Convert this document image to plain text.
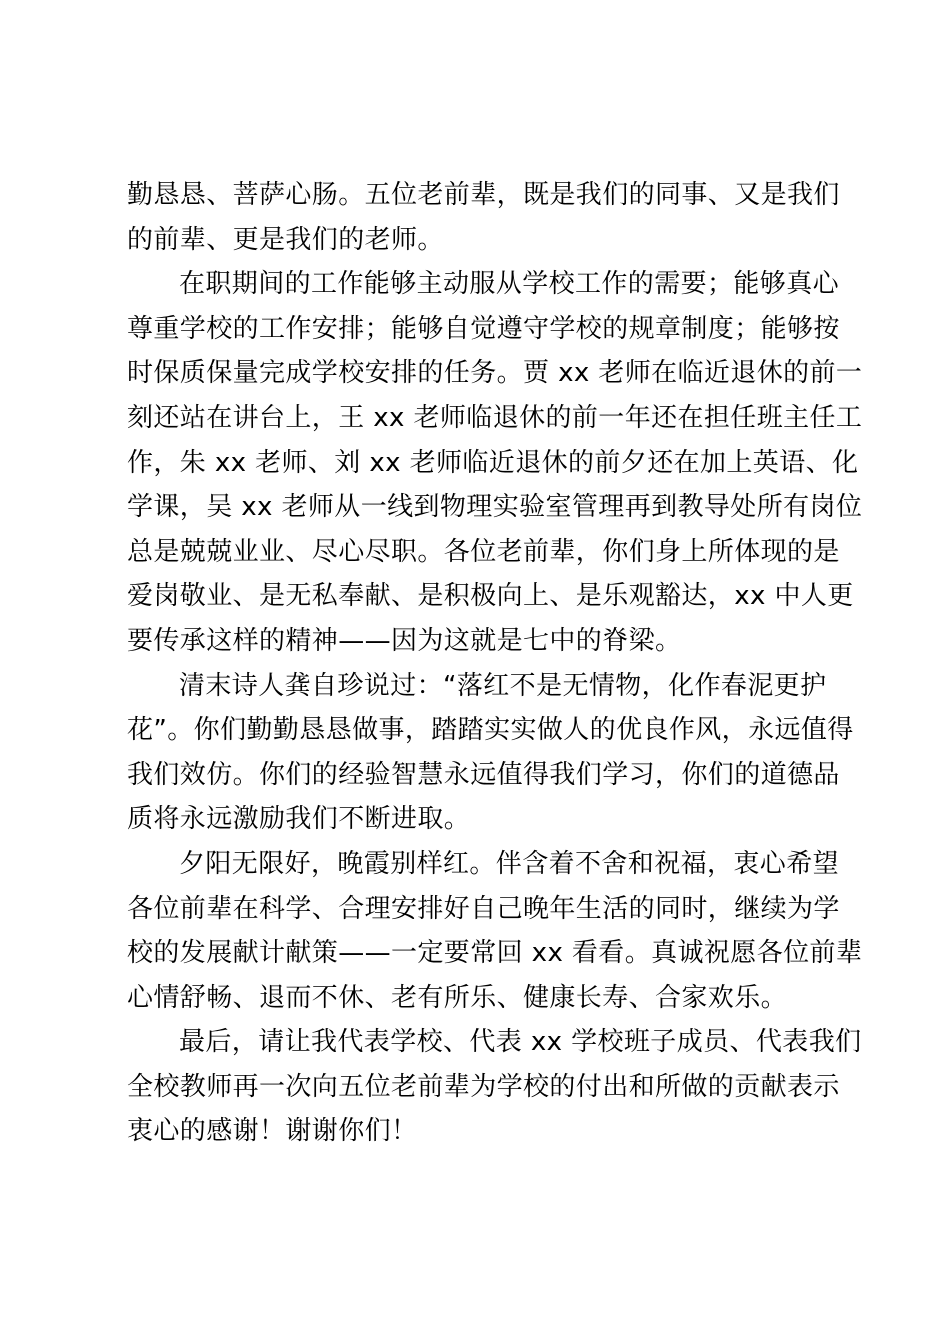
勤恳恳、菩萨心肠。五位老前辈，既是我们的同事、又是我们
的前辈、更是我们的老师。
在职期间的工作能够主动服从学校工作的需要；能够真心
尊重学校的工作安排；能够自觉遵守学校的规章制度；能够按
时保质保量完成学校安排的任务。贾 xx 老师在临近退休的前一
刻还站在讲台上，王 xx 老师临退休的前一年还在担任班主任工
作，朱 xx 老师、刘 xx 老师临近退休的前夕还在加上英语、化
学课，吴 xx 老师从一线到物理实验室管理再到教导处所有岗位
总是兢兢业业、尽心尽职。各位老前辈，你们身上所体现的是
爱岗敬业、是无私奉献、是积极向上、是乐观豁达，xx 中人更
要传承这样的精神——因为这就是七中的脊梁。
清末诗人龚自珍说过：“落红不是无情物，化作春泥更护
花”。你们勤勤恳恳做事，踏踏实实做人的优良作风，永远值得
我们效仿。你们的经验智慧永远值得我们学习，你们的道德品
质将永远激励我们不断进取。
夕阳无限好，晚霞别样红。伴含着不舍和祝福，衷心希望
各位前辈在科学、合理安排好自己晚年生活的同时，继续为学
校的发展献计献策——一定要常回 xx 看看。真诚祝愿各位前辈
心情舒畅、退而不休、老有所乐、健康长寿、合家欢乐。
最后，请让我代表学校、代表 xx 学校班子成员、代表我们
全校教师再一次向五位老前辈为学校的付出和所做的贡献表示
衷心的感谢！谢谢你们！
